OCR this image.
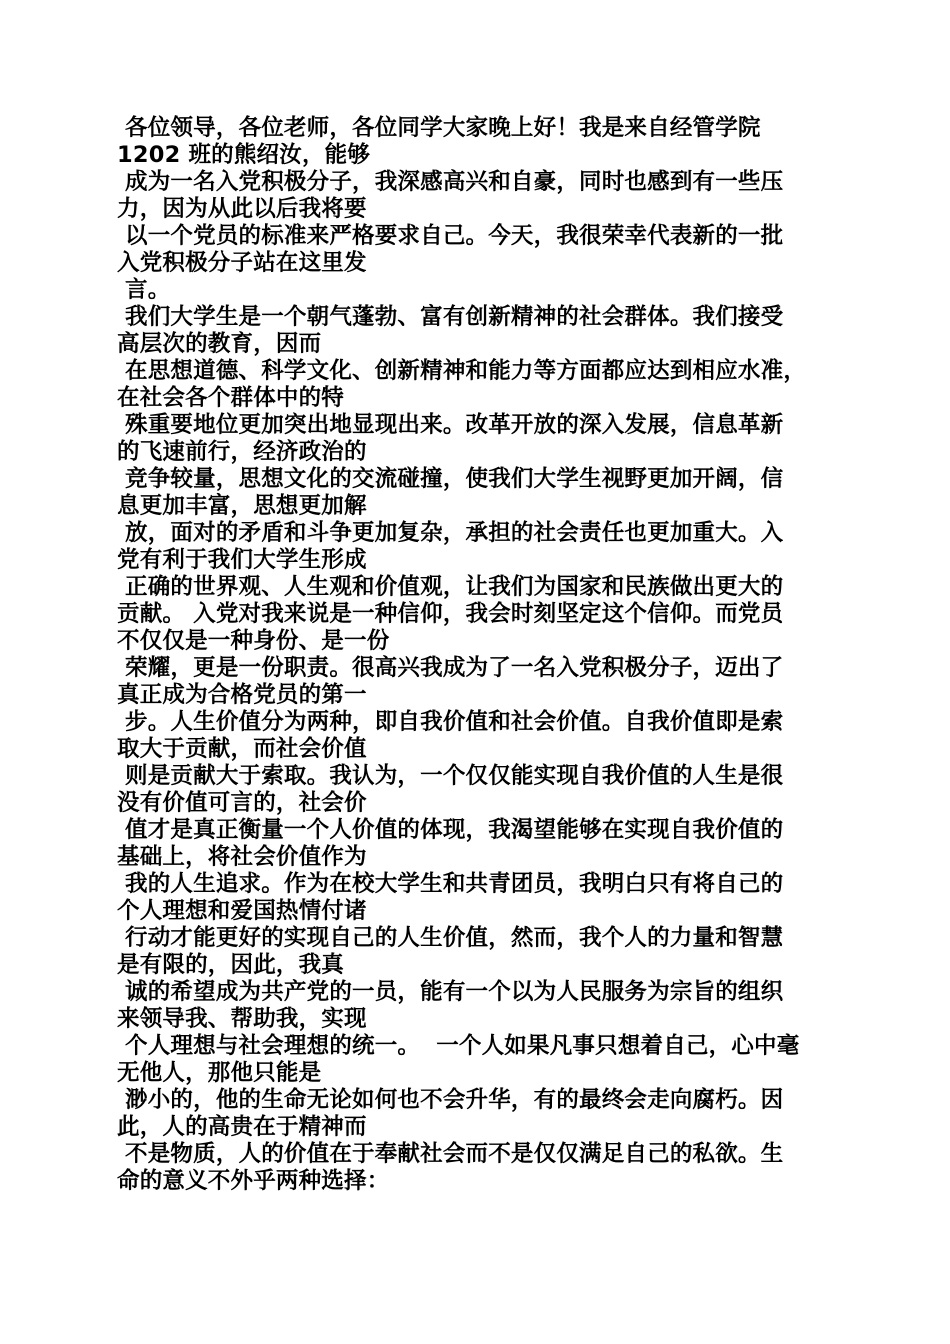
各位领导，各位老师，各位同学大家晚上好！我是来自经管学院
1202 班的熊绍汝，能够
成为一名入党积极分子，我深感高兴和自豪，同时也感到有一些压
力，因为从此以后我将要
以一个党员的标准来严格要求自己。今天，我很荣幸代表新的一批
入党积极分子站在这里发
言。
我们大学生是一个朝气蓬勃、富有创新精神的社会群体。我们接受
高层次的教育，因而
在思想道德、科学文化、创新精神和能力等方面都应达到相应水准，
在社会各个群体中的特
殊重要地位更加突出地显现出来。改革开放的深入发展，信息革新
的飞速前行，经济政治的
竞争较量，思想文化的交流碰撞，使我们大学生视野更加开阔，信
息更加丰富，思想更加解
放，面对的矛盾和斗争更加复杂，承担的社会责任也更加重大。入
党有利于我们大学生形成
正确的世界观、人生观和价值观，让我们为国家和民族做出更大的
贡献。 入党对我来说是一种信仰，我会时刻坚定这个信仰。而党员
不仅仅是一种身份、是一份
荣耀，更是一份职责。很高兴我成为了一名入党积极分子，迈出了
真正成为合格党员的第一
步。人生价值分为两种，即自我价值和社会价值。自我价值即是索
取大于贡献，而社会价值
则是贡献大于索取。我认为，一个仅仅能实现自我价值的人生是很
没有价值可言的，社会价
值才是真正衡量一个人价值的体现，我渴望能够在实现自我价值的
基础上，将社会价值作为
我的人生追求。作为在校大学生和共青团员，我明白只有将自己的
个人理想和爱国热情付诸
行动才能更好的实现自己的人生价值，然而，我个人的力量和智慧
是有限的，因此，我真
诚的希望成为共产党的一员，能有一个以为人民服务为宗旨的组织
来领导我、帮助我，实现
个人理想与社会理想的统一。  一个人如果凡事只想着自己，心中毫
无他人，那他只能是
渺小的，他的生命无论如何也不会升华，有的最终会走向腐朽。因
此，人的高贵在于精神而
不是物质，人的价值在于奉献社会而不是仅仅满足自己的私欲。生
命的意义不外乎两种选择：
